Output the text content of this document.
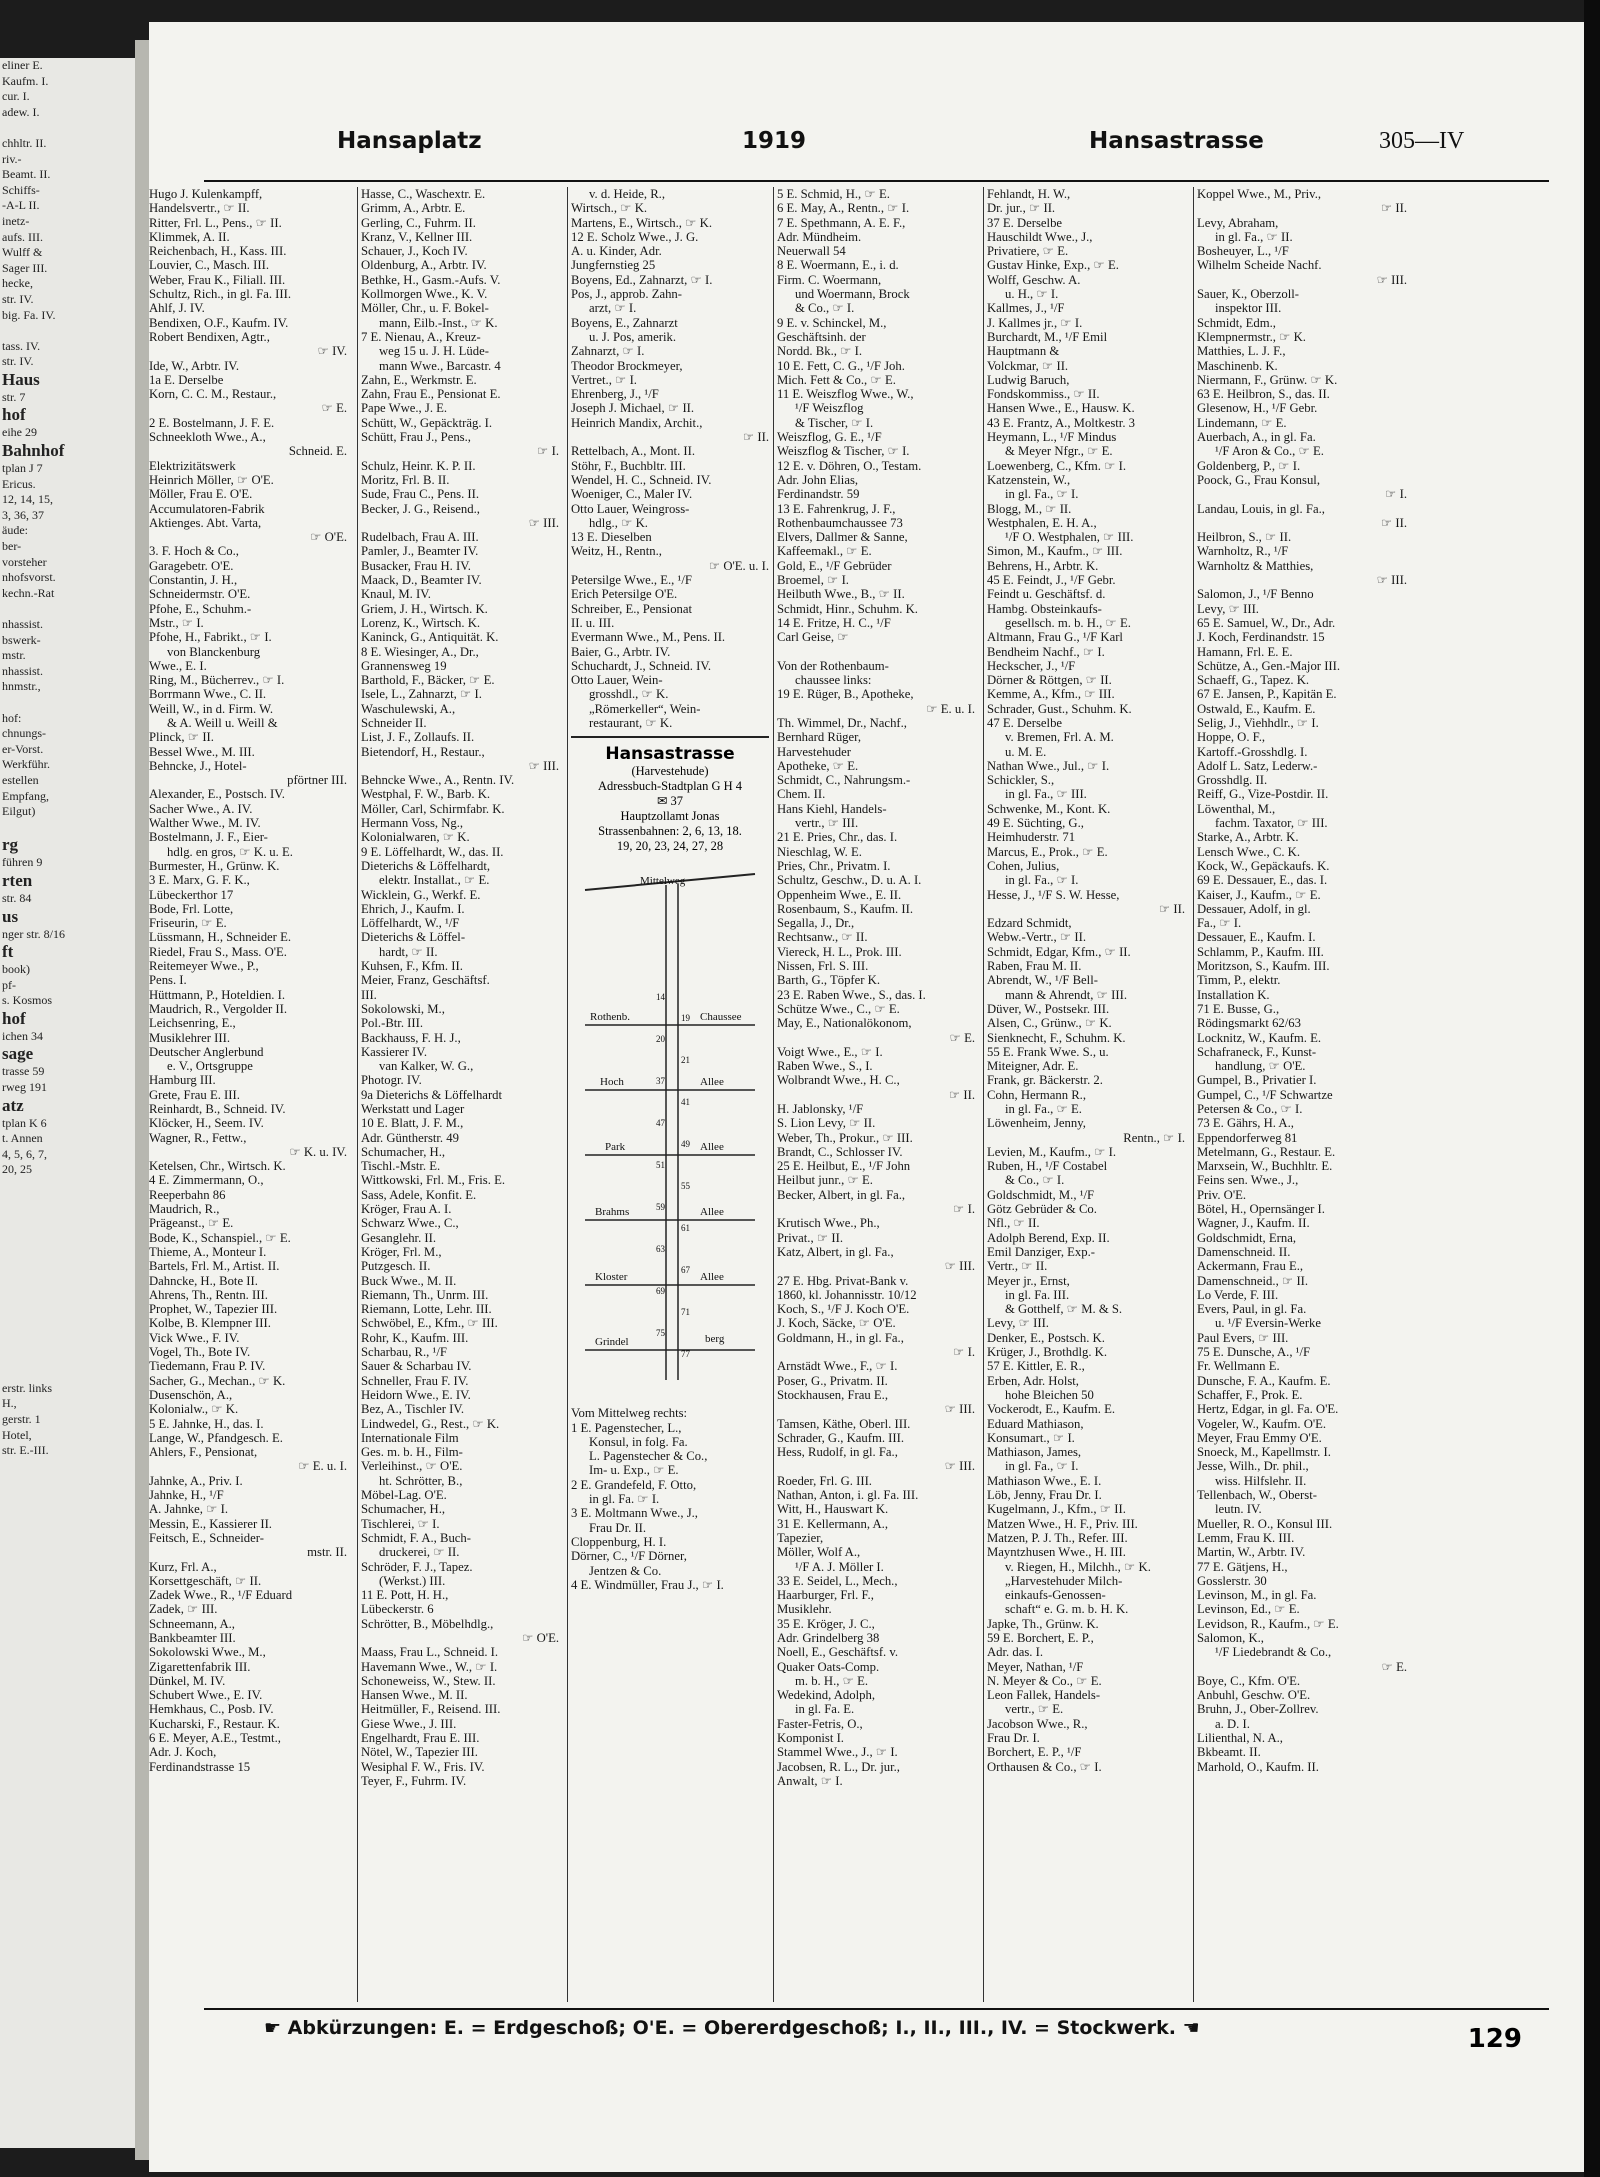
eliner E.
Kaufm. I.
cur. I.
adew. I.

chhltr. II.
riv.-
Beamt. II.
Schiffs-
-A-L II.
inetz-
aufs. III.
Wulff &
Sager III.
hecke,
str. IV.
big. Fa. IV.

tass. IV.
str. IV.
Haus
str. 7
hof
eihe 29
Bahnhof
tplan J 7
Ericus.
12, 14, 15,
3, 36, 37
äude:
ber-
vorsteher
nhofsvorst.
kechn.-Rat

nhassist.
bswerk-
mstr.
nhassist.
hnmstr.,

hof:
chnungs-
er-Vorst.
Werkführ.
estellen
Empfang,
Eilgut)

rg
führen 9
rten
str. 84
us
nger str. 8/16
ft
book)
pf-
s. Kosmos
hof
ichen 34
sage
trasse 59
rweg 191
atz
tplan K 6
t. Annen
4, 5, 6, 7,
20, 25

erstr. links
H.,
gerstr. 1
Hotel,
str. E.-III.
Hansaplatz	1919	Hansastrasse	305—IV
Hugo J. Kulenkampff,
Handelsvertr., ☞ II.
Ritter, Frl. L., Pens., ☞ II.
Klimmek, A. II.
Reichenbach, H., Kass. III.
Louvier, C., Masch. III.
Weber, Frau K., Filiall. III.
Schultz, Rich., in gl. Fa. III.
Ahlf, J. IV.
Bendixen, O.F., Kaufm. IV.
Robert Bendixen, Agtr.,
☞ IV.
Ide, W., Arbtr. IV.
1a E. Derselbe
Korn, C. C. M., Restaur.,
☞ E.
2 E. Bostelmann, J. F. E.
Schneekloth Wwe., A.,
Schneid. E.
Elektrizitätswerk
Heinrich Möller, ☞ O'E.
Möller, Frau E. O'E.
Accumulatoren-Fabrik
Aktienges. Abt. Varta,
☞ O'E.
3. F. Hoch & Co.,
Garagebetr. O'E.
Constantin, J. H.,
Schneidermstr. O'E.
Pfohe, E., Schuhm.-
Mstr., ☞ I.
Pfohe, H., Fabrikt., ☞ I.
von Blanckenburg
Wwe., E. I.
Ring, M., Bücherrev., ☞ I.
Borrmann Wwe., C. II.
Weill, W., in d. Firm. W.
& A. Weill u. Weill &
Plinck, ☞ II.
Bessel Wwe., M. III.
Behncke, J., Hotel-
pförtner III.
Alexander, E., Postsch. IV.
Sacher Wwe., A. IV.
Walther Wwe., M. IV.
Bostelmann, J. F., Eier-
hdlg. en gros, ☞ K. u. E.
Burmester, H., Grünw. K.
3 E. Marx, G. F. K.,
Lübeckerthor 17
Bode, Frl. Lotte,
Friseurin, ☞ E.
Lüssmann, H., Schneider E.
Riedel, Frau S., Mass. O'E.
Reitemeyer Wwe., P.,
Pens. I.
Hüttmann, P., Hoteldien. I.
Maudrich, R., Vergolder II.
Leichsenring, E.,
Musiklehrer III.
Deutscher Anglerbund
e. V., Ortsgruppe
Hamburg III.
Grete, Frau E. III.
Reinhardt, B., Schneid. IV.
Klöcker, H., Seem. IV.
Wagner, R., Fettw.,
☞ K. u. IV.
Ketelsen, Chr., Wirtsch. K.
4 E. Zimmermann, O.,
Reeperbahn 86
Maudrich, R.,
Prägeanst., ☞ E.
Bode, K., Schanspiel., ☞ E.
Thieme, A., Monteur I.
Bartels, Frl. M., Artist. II.
Dahncke, H., Bote II.
Ahrens, Th., Rentn. III.
Prophet, W., Tapezier III.
Kolbe, B. Klempner III.
Vick Wwe., F. IV.
Vogel, Th., Bote IV.
Tiedemann, Frau P. IV.
Sacher, G., Mechan., ☞ K.
Dusenschön, A.,
Kolonialw., ☞ K.
5 E. Jahnke, H., das. I.
Lange, W., Pfandgesch. E.
Ahlers, F., Pensionat,
☞ E. u. I.
Jahnke, A., Priv. I.
Jahnke, H., ¹/F
A. Jahnke, ☞ I.
Messin, E., Kassierer II.
Feitsch, E., Schneider-
mstr. II.
Kurz, Frl. A.,
Korsettgeschäft, ☞ II.
Zadek Wwe., R., ¹/F Eduard
Zadek, ☞ III.
Schneemann, A.,
Bankbeamter III.
Sokolowski Wwe., M.,
Zigarettenfabrik III.
Dünkel, M. IV.
Schubert Wwe., E. IV.
Hemkhaus, C., Posb. IV.
Kucharski, F., Restaur. K.
6 E. Meyer, A.E., Testmt.,
Adr. J. Koch,
Ferdinandstrasse 15
Hasse, C., Waschextr. E.
Grimm, A., Arbtr. E.
Gerling, C., Fuhrm. II.
Kranz, V., Kellner III.
Schauer, J., Koch IV.
Oldenburg, A., Arbtr. IV.
Bethke, H., Gasm.-Aufs. V.
Kollmorgen Wwe., K. V.
Möller, Chr., u. F. Bokel-
mann, Eilb.-Inst., ☞ K.
7 E. Nienau, A., Kreuz-
weg 15 u. J. H. Lüde-
mann Wwe., Barcastr. 4
Zahn, E., Werkmstr. E.
Zahn, Frau E., Pensionat E.
Pape Wwe., J. E.
Schütt, W., Gepäckträg. I.
Schütt, Frau J., Pens.,
☞ I.
Schulz, Heinr. K. P. II.
Moritz, Frl. B. II.
Sude, Frau C., Pens. II.
Becker, J. G., Reisend.,
☞ III.
Rudelbach, Frau A. III.
Pamler, J., Beamter IV.
Busacker, Frau H. IV.
Maack, D., Beamter IV.
Knaul, M. IV.
Griem, J. H., Wirtsch. K.
Lorenz, K., Wirtsch. K.
Kaninck, G., Antiquität. K.
8 E. Wiesinger, A., Dr.,
Grannensweg 19
Barthold, F., Bäcker, ☞ E.
Isele, L., Zahnarzt, ☞ I.
Waschulewski, A.,
Schneider II.
List, J. F., Zollaufs. II.
Bietendorf, H., Restaur.,
☞ III.
Behncke Wwe., A., Rentn. IV.
Westphal, F. W., Barb. K.
Möller, Carl, Schirmfabr. K.
Hermann Voss, Ng.,
Kolonialwaren, ☞ K.
9 E. Löffelhardt, W., das. II.
Dieterichs & Löffelhardt,
elektr. Installat., ☞ E.
Wicklein, G., Werkf. E.
Ehrich, J., Kaufm. I.
Löffelhardt, W., ¹/F
Dieterichs & Löffel-
hardt, ☞ II.
Kuhsen, F., Kfm. II.
Meier, Franz, Geschäftsf.
III.
Sokolowski, M.,
Pol.-Btr. III.
Backhauss, F. H. J.,
Kassierer IV.
van Kalker, W. G.,
Photogr. IV.
9a Dieterichs & Löffelhardt
Werkstatt und Lager
10 E. Blatt, J. F. M.,
Adr. Güntherstr. 49
Schumacher, H.,
Tischl.-Mstr. E.
Wittkowski, Frl. M., Fris. E.
Sass, Adele, Konfit. E.
Kröger, Frau A. I.
Schwarz Wwe., C.,
Gesanglehr. II.
Kröger, Frl. M.,
Putzgesch. II.
Buck Wwe., M. II.
Riemann, Th., Unrm. III.
Riemann, Lotte, Lehr. III.
Schwöbel, E., Kfm., ☞ III.
Rohr, K., Kaufm. III.
Scharbau, R., ¹/F
Sauer & Scharbau IV.
Schneller, Frau F. IV.
Heidorn Wwe., E. IV.
Bez, A., Tischler IV.
Lindwedel, G., Rest., ☞ K.
Internationale Film
Ges. m. b. H., Film-
Verleihinst., ☞ O'E.
ht. Schrötter, B.,
Möbel-Lag. O'E.
Schumacher, H.,
Tischlerei, ☞ I.
Schmidt, F. A., Buch-
druckerei, ☞ II.
Schröder, F. J., Tapez.
(Werkst.) III.
11 E. Pott, H. H.,
Lübeckerstr. 6
Schrötter, B., Möbelhdlg.,
☞ O'E.
Maass, Frau L., Schneid. I.
Havemann Wwe., W., ☞ I.
Schoneweiss, W., Stew. II.
Hansen Wwe., M. II.
Heitmüller, F., Reisend. III.
Giese Wwe., J. III.
Engelhardt, Frau E. III.
Nötel, W., Tapezier III.
Wesiphal F. W., Fris. IV.
Teyer, F., Fuhrm. IV.
v. d. Heide, R.,
Wirtsch., ☞ K.
Martens, E., Wirtsch., ☞ K.
12 E. Scholz Wwe., J. G.
A. u. Kinder, Adr.
Jungfernstieg 25
Boyens, Ed., Zahnarzt, ☞ I.
Pos, J., approb. Zahn-
arzt, ☞ I.
Boyens, E., Zahnarzt
u. J. Pos, amerik.
Zahnarzt, ☞ I.
Theodor Brockmeyer,
Vertret., ☞ I.
Ehrenberg, J., ¹/F
Joseph J. Michael, ☞ II.
Heinrich Mandix, Archit.,
☞ II.
Rettelbach, A., Mont. II.
Stöhr, F., Buchbltr. III.
Wendel, H. C., Schneid. IV.
Woeniger, C., Maler IV.
Otto Lauer, Weingross-
hdlg., ☞ K.
13 E. Dieselben
Weitz, H., Rentn.,
☞ O'E. u. I.
Petersilge Wwe., E., ¹/F
Erich Petersilge O'E.
Schreiber, E., Pensionat
II. u. III.
Evermann Wwe., M., Pens. II.
Baier, G., Arbtr. IV.
Schuchardt, J., Schneid. IV.
Otto Lauer, Wein-
grosshdl., ☞ K.
„Römerkeller“, Wein-
restaurant, ☞ K.
Hansastrasse
(Harvestehude)
Adressbuch-Stadtplan G H 4
✉ 37
Hauptzollamt Jonas
Strassenbahnen: 2, 6, 13, 18.
19, 20, 23, 24, 27, 28
Mittelweg
Rothenb.	Chaussee
Hoch	Allee
Park	Allee
Brahms	Allee
Kloster	Allee
Grindel	berg
14
19
20
21
37
41
47
49
51
55
59
61
63
67
69
71
75
77
Vom Mittelweg rechts:
1 E. Pagenstecher, L.,
Konsul, in folg. Fa.
L. Pagenstecher & Co.,
Im- u. Exp., ☞ E.
2 E. Grandefeld, F. Otto,
in gl. Fa. ☞ I.
3 E. Moltmann Wwe., J.,
Frau Dr. II.
Cloppenburg, H. I.
Dörner, C., ¹/F Dörner,
Jentzen & Co.
4 E. Windmüller, Frau J., ☞ I.
5 E. Schmid, H., ☞ E.
6 E. May, A., Rentn., ☞ I.
7 E. Spethmann, A. E. F.,
Adr. Mündheim.
Neuerwall 54
8 E. Woermann, E., i. d.
Firm. C. Woermann,
und Woermann, Brock
& Co., ☞ I.
9 E. v. Schinckel, M.,
Geschäftsinh. der
Nordd. Bk., ☞ I.
10 E. Fett, C. G., ¹/F Joh.
Mich. Fett & Co., ☞ E.
11 E. Weiszflog Wwe., W.,
¹/F Weiszflog
& Tischer, ☞ I.
Weiszflog, G. E., ¹/F
Weiszflog & Tischer, ☞ I.
12 E. v. Döhren, O., Testam.
Adr. John Elias,
Ferdinandstr. 59
13 E. Fahrenkrug, J. F.,
Rothenbaumchaussee 73
Elvers, Dallmer & Sanne,
Kaffeemakl., ☞ E.
Gold, E., ¹/F Gebrüder
Broemel, ☞ I.
Heilbuth Wwe., B., ☞ II.
Schmidt, Hinr., Schuhm. K.
14 E. Fritze, H. C., ¹/F
Carl Geise, ☞

Von der Rothenbaum-
chaussee links:
19 E. Rüger, B., Apotheke,
☞ E. u. I.
Th. Wimmel, Dr., Nachf.,
Bernhard Rüger,
Harvestehuder
Apotheke, ☞ E.
Schmidt, C., Nahrungsm.-
Chem. II.
Hans Kiehl, Handels-
vertr., ☞ III.
21 E. Pries, Chr., das. I.
Nieschlag, W. E.
Pries, Chr., Privatm. I.
Schultz, Geschw., D. u. A. I.
Oppenheim Wwe., E. II.
Rosenbaum, S., Kaufm. II.
Segalla, J., Dr.,
Rechtsanw., ☞ II.
Viereck, H. L., Prok. III.
Nissen, Frl. S. III.
Barth, G., Töpfer K.
23 E. Raben Wwe., S., das. I.
Schütze Wwe., C., ☞ E.
May, E., Nationalökonom,
☞ E.
Voigt Wwe., E., ☞ I.
Raben Wwe., S., I.
Wolbrandt Wwe., H. C.,
☞ II.
H. Jablonsky, ¹/F
S. Lion Levy, ☞ II.
Weber, Th., Prokur., ☞ III.
Brandt, C., Schlosser IV.
25 E. Heilbut, E., ¹/F John
Heilbut junr., ☞ E.
Becker, Albert, in gl. Fa.,
☞ I.
Krutisch Wwe., Ph.,
Privat., ☞ II.
Katz, Albert, in gl. Fa.,
☞ III.
27 E. Hbg. Privat-Bank v.
1860, kl. Johannisstr. 10/12
Koch, S., ¹/F J. Koch O'E.
J. Koch, Säcke, ☞ O'E.
Goldmann, H., in gl. Fa.,
☞ I.
Arnstädt Wwe., F., ☞ I.
Poser, G., Privatm. II.
Stockhausen, Frau E.,
☞ III.
Tamsen, Käthe, Oberl. III.
Schrader, G., Kaufm. III.
Hess, Rudolf, in gl. Fa.,
☞ III.
Roeder, Frl. G. III.
Nathan, Anton, i. gl. Fa. III.
Witt, H., Hauswart K.
31 E. Kellermann, A.,
Tapezier,
Möller, Wolf A.,
¹/F A. J. Möller I.
33 E. Seidel, L., Mech.,
Haarburger, Frl. F.,
Musiklehr.
35 E. Kröger, J. C.,
Adr. Grindelberg 38
Noell, E., Geschäftsf. v.
Quaker Oats-Comp.
m. b. H., ☞ E.
Wedekind, Adolph,
in gl. Fa. E.
Faster-Fetris, O.,
Komponist I.
Stammel Wwe., J., ☞ I.
Jacobsen, R. L., Dr. jur.,
Anwalt, ☞ I.
Fehlandt, H. W.,
Dr. jur., ☞ II.
37 E. Derselbe
Hauschildt Wwe., J.,
Privatiere, ☞ E.
Gustav Hinke, Exp., ☞ E.
Wolff, Geschw. A.
u. H., ☞ I.
Kallmes, J., ¹/F
J. Kallmes jr., ☞ I.
Burchardt, M., ¹/F Emil
Hauptmann &
Volckmar, ☞ II.
Ludwig Baruch,
Fondskommiss., ☞ II.
Hansen Wwe., E., Hausw. K.
43 E. Frantz, A., Moltkestr. 3
Heymann, L., ¹/F Mindus
& Meyer Nfgr., ☞ E.
Loewenberg, C., Kfm. ☞ I.
Katzenstein, W.,
in gl. Fa., ☞ I.
Blogg, M., ☞ II.
Westphalen, E. H. A.,
¹/F O. Westphalen, ☞ III.
Simon, M., Kaufm., ☞ III.
Behrens, H., Arbtr. K.
45 E. Feindt, J., ¹/F Gebr.
Feindt u. Geschäftsf. d.
Hambg. Obsteinkaufs-
gesellsch. m. b. H., ☞ E.
Altmann, Frau G., ¹/F Karl
Bendheim Nachf., ☞ I.
Heckscher, J., ¹/F
Dörner & Röttgen, ☞ II.
Kemme, A., Kfm., ☞ III.
Schrader, Gust., Schuhm. K.
47 E. Derselbe
v. Bremen, Frl. A. M.
u. M. E.
Nathan Wwe., Jul., ☞ I.
Schickler, S.,
in gl. Fa., ☞ III.
Schwenke, M., Kont. K.
49 E. Süchting, G.,
Heimhuderstr. 71
Marcus, E., Prok., ☞ E.
Cohen, Julius,
in gl. Fa., ☞ I.
Hesse, J., ¹/F S. W. Hesse,
☞ II.
Edzard Schmidt,
Webw.-Vertr., ☞ II.
Schmidt, Edgar, Kfm., ☞ II.
Raben, Frau M. II.
Abrendt, W., ¹/F Bell-
mann & Ahrendt, ☞ III.
Düver, W., Postsekr. III.
Alsen, C., Grünw., ☞ K.
Sienknecht, F., Schuhm. K.
55 E. Frank Wwe. S., u.
Miteigner, Adr. E.
Frank, gr. Bäckerstr. 2.
Cohn, Hermann R.,
in gl. Fa., ☞ E.
Löwenheim, Jenny,
Rentn., ☞ I.
Levien, M., Kaufm., ☞ I.
Ruben, H., ¹/F Costabel
& Co., ☞ I.
Goldschmidt, M., ¹/F
Götz Gebrüder & Co.
Nfl., ☞ II.
Adolph Berend, Exp. II.
Emil Danziger, Exp.-
Vertr., ☞ II.
Meyer jr., Ernst,
in gl. Fa. III.
& Gotthelf, ☞ M. & S.
Levy, ☞ III.
Denker, E., Postsch. K.
Krüger, J., Brothdlg. K.
57 E. Kittler, E. R.,
Erben, Adr. Holst,
hohe Bleichen 50
Vockerodt, E., Kaufm. E.
Eduard Mathiason,
Konsumart., ☞ I.
Mathiason, James,
in gl. Fa., ☞ I.
Mathiason Wwe., E. I.
Löb, Jenny, Frau Dr. I.
Kugelmann, J., Kfm., ☞ II.
Matzen Wwe., H. F., Priv. III.
Matzen, P. J. Th., Refer. III.
Mayntzhusen Wwe., H. III.
v. Riegen, H., Milchh., ☞ K.
„Harvestehuder Milch-
einkaufs-Genossen-
schaft“ e. G. m. b. H. K.
Japke, Th., Grünw. K.
59 E. Borchert, E. P.,
Adr. das. I.
Meyer, Nathan, ¹/F
N. Meyer & Co., ☞ E.
Leon Fallek, Handels-
vertr., ☞ E.
Jacobson Wwe., R.,
Frau Dr. I.
Borchert, E. P., ¹/F
Orthausen & Co., ☞ I.
Koppel Wwe., M., Priv.,
☞ II.
Levy, Abraham,
in gl. Fa., ☞ II.
Bosheuyer, L., ¹/F
Wilhelm Scheide Nachf.
☞ III.
Sauer, K., Oberzoll-
inspektor III.
Schmidt, Edm.,
Klempnermstr., ☞ K.
Matthies, L. J. F.,
Maschinenb. K.
Niermann, F., Grünw. ☞ K.
63 E. Heilbron, S., das. II.
Glesenow, H., ¹/F Gebr.
Lindemann, ☞ E.
Auerbach, A., in gl. Fa.
¹/F Aron & Co., ☞ E.
Goldenberg, P., ☞ I.
Poock, G., Frau Konsul,
☞ I.
Landau, Louis, in gl. Fa.,
☞ II.
Heilbron, S., ☞ II.
Warnholtz, R., ¹/F
Warnholtz & Matthies,
☞ III.
Salomon, J., ¹/F Benno
Levy, ☞ III.
65 E. Samuel, W., Dr., Adr.
J. Koch, Ferdinandstr. 15
Hamann, Frl. E. E.
Schütze, A., Gen.-Major III.
Schaeff, G., Tapez. K.
67 E. Jansen, P., Kapitän E.
Ostwald, E., Kaufm. E.
Selig, J., Viehhdlr., ☞ I.
Hoppe, O. F.,
Kartoff.-Grosshdlg. I.
Adolf L. Satz, Lederw.-
Grosshdlg. II.
Reiff, G., Vize-Postdir. II.
Löwenthal, M.,
fachm. Taxator, ☞ III.
Starke, A., Arbtr. K.
Lensch Wwe., C. K.
Kock, W., Gepäckaufs. K.
69 E. Dessauer, E., das. I.
Kaiser, J., Kaufm., ☞ E.
Dessauer, Adolf, in gl.
Fa., ☞ I.
Dessauer, E., Kaufm. I.
Schlamm, P., Kaufm. III.
Moritzson, S., Kaufm. III.
Timm, P., elektr.
Installation K.
71 E. Busse, G.,
Rödingsmarkt 62/63
Locknitz, W., Kaufm. E.
Schafraneck, F., Kunst-
handlung, ☞ O'E.
Gumpel, B., Privatier I.
Gumpel, C., ¹/F Schwartze
Petersen & Co., ☞ I.
73 E. Gährs, H. A.,
Eppendorferweg 81
Metelmann, G., Restaur. E.
Marxsein, W., Buchhltr. E.
Feins sen. Wwe., J.,
Priv. O'E.
Bötel, H., Opernsänger I.
Wagner, J., Kaufm. II.
Goldschmidt, Erna,
Damenschneid. II.
Ackermann, Frau E.,
Damenschneid., ☞ II.
Lo Verde, F. III.
Evers, Paul, in gl. Fa.
u. ¹/F Eversin-Werke
Paul Evers, ☞ III.
75 E. Dunsche, A., ¹/F
Fr. Wellmann E.
Dunsche, F. A., Kaufm. E.
Schaffer, F., Prok. E.
Hertz, Edgar, in gl. Fa. O'E.
Vogeler, W., Kaufm. O'E.
Meyer, Frau Emmy O'E.
Snoeck, M., Kapellmstr. I.
Jesse, Wilh., Dr. phil.,
wiss. Hilfslehr. II.
Tellenbach, W., Oberst-
leutn. IV.
Mueller, R. O., Konsul III.
Lemm, Frau K. III.
Martin, W., Arbtr. IV.
77 E. Gätjens, H.,
Gosslerstr. 30
Levinson, M., in gl. Fa.
Levinson, Ed., ☞ E.
Levidson, R., Kaufm., ☞ E.
Salomon, K.,
¹/F Liedebrandt & Co.,
☞ E.
Boye, C., Kfm. O'E.
Anbuhl, Geschw. O'E.
Bruhn, J., Ober-Zollrev.
a. D. I.
Lilienthal, N. A.,
Bkbeamt. II.
Marhold, O., Kaufm. II.
☛ Abkürzungen: E. = Erdgeschoß; O'E. = Obererdgeschoß; I., II., III., IV. = Stockwerk. ☚	129
